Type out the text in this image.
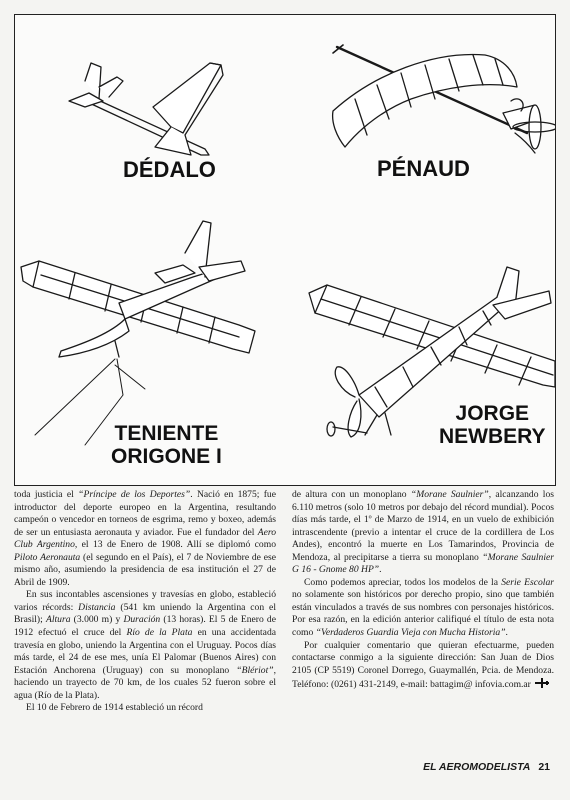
DÉDALO	PÉNAUD
TENIENTE
ORIGONE I
JORGE
NEWBERY

toda justicia el “Príncipe de los Deportes”. Nació en 1875; fue introductor del deporte europeo en la Argentina, resultando campeón o vencedor en torneos de esgrima, remo y boxeo, además de ser un entusiasta aeronauta y aviador. Fue el fundador del Aero Club Argentino, el 13 de Enero de 1908. Allí se diplomó como Piloto Aeronauta (el segundo en el País), el 7 de Noviembre de ese mismo año, asumiendo la presidencia de esa institución el 27 de Abril de 1909.

En sus incontables ascensiones y travesías en globo, estableció varios récords: Distancia (541 km uniendo la Argentina con el Brasil); Altura (3.000 m) y Duración (13 horas). El 5 de Enero de 1912 efectuó el cruce del Río de la Plata en una accidentada travesía en globo, uniendo la Argentina con el Uruguay. Pocos días más tarde, el 24 de ese mes, unía El Palomar (Buenos Aires) con Estación Anchorena (Uruguay) con su monoplano “Blériot”, haciendo un trayecto de 70 km, de los cuales 52 fueron sobre el agua (Río de la Plata).

El 10 de Febrero de 1914 estableció un récord

de altura con un monoplano “Morane Saulnier”, alcanzando los 6.110 metros (solo 10 metros por debajo del récord mundial). Pocos días más tarde, el 1º de Marzo de 1914, en un vuelo de exhibición intrascendente (previo a intentar el cruce de la cordillera de Los Andes), encontró la muerte en Los Tamarindos, Provincia de Mendoza, al precipitarse a tierra su monoplano “Morane Saulnier G 16 - Gnome 80 HP”.

Como podemos apreciar, todos los modelos de la Serie Escolar no solamente son históricos por derecho propio, sino que también están vinculados a través de sus nombres con personajes históricos. Por esa razón, en la edición anterior califiqué el título de esta nota como “Verdaderos Guardia Vieja con Mucha Historia”.

Por cualquier comentario que quieran efectuarme, pueden contactarse conmigo a la siguiente dirección: San Juan de Dios 2105 (CP 5519) Coronel Dorrego, Guaymallén, Pcia. de Mendoza. Teléfono: (0261) 431-2149, e-mail: battagim@ infovia.com.ar

EL AEROMODELISTA 21
